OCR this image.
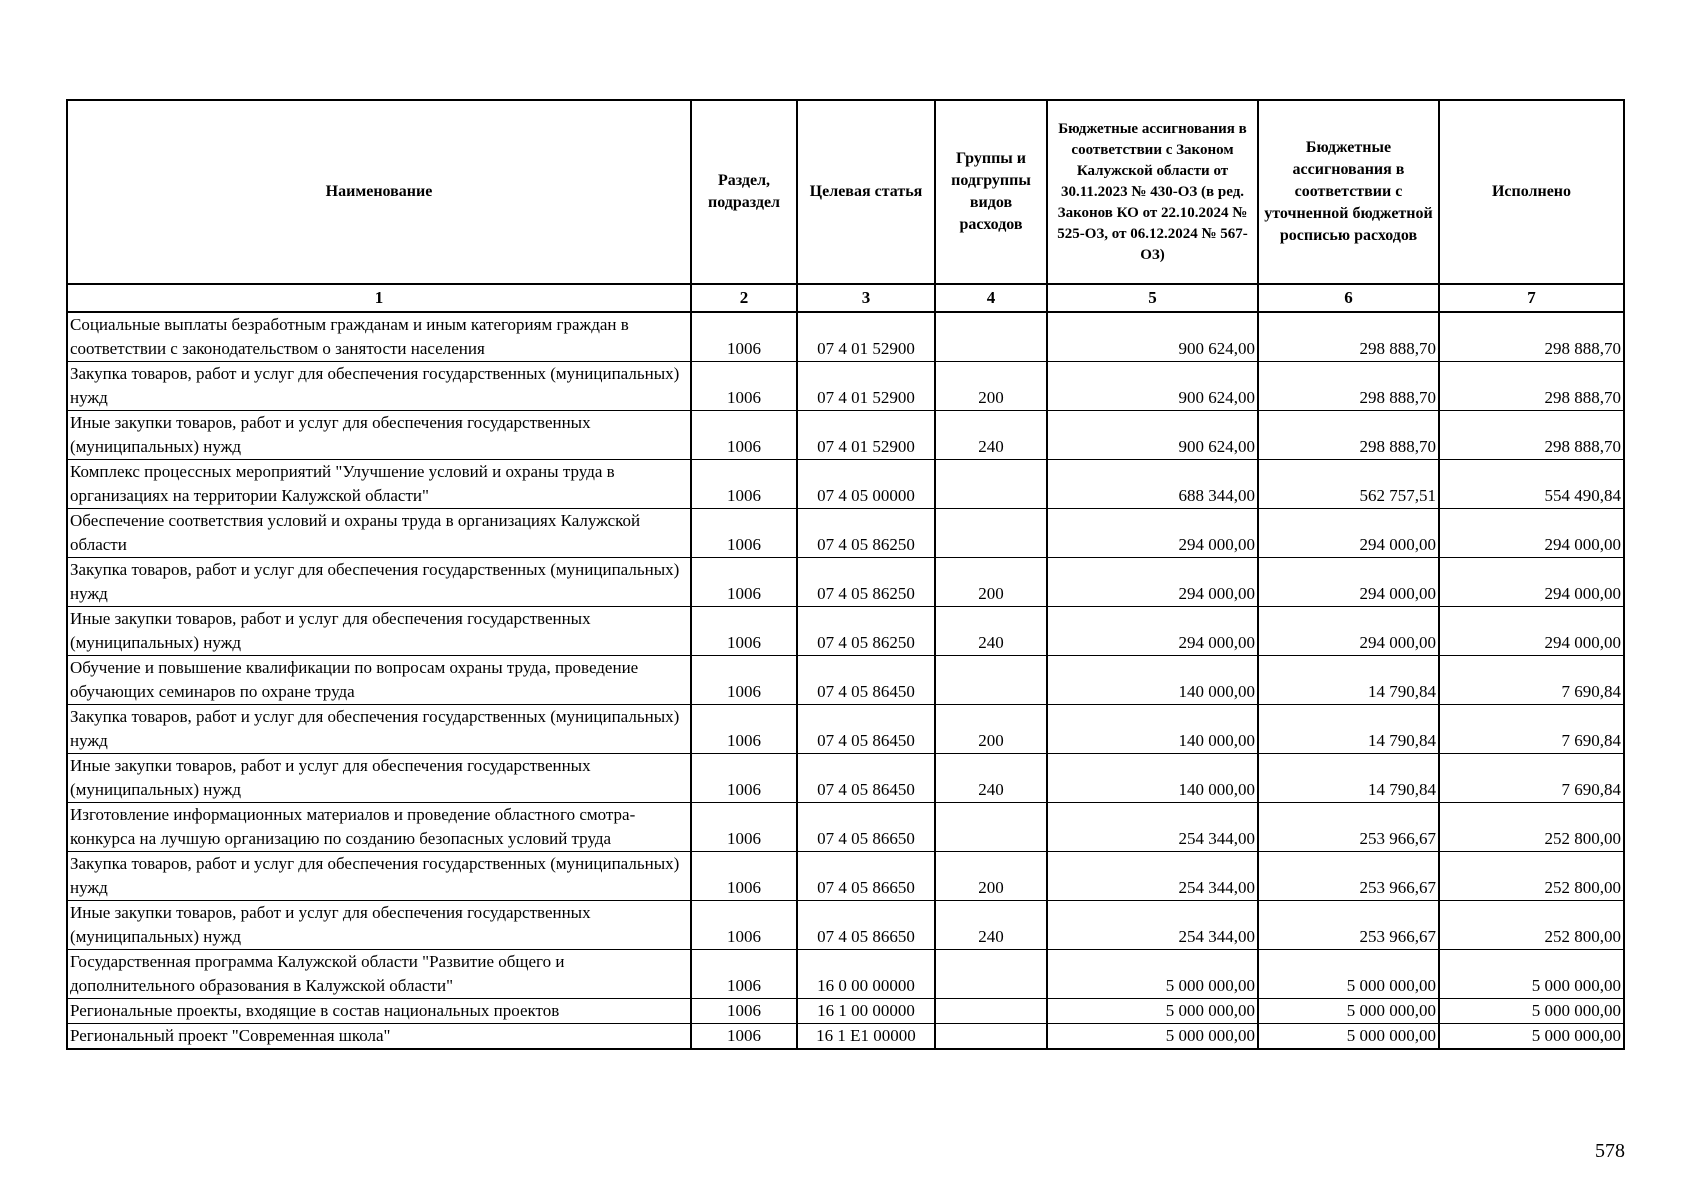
Наименование	Раздел, подраздел	Целевая статья	Группы и подгруппы видов расходов	Бюджетные ассигнования в соответствии с Законом Калужской области от 30.11.2023 № 430-ОЗ (в ред. Законов КО от 22.10.2024 № 525-ОЗ, от 06.12.2024 № 567-ОЗ)	Бюджетные ассигнования в соответствии с уточненной бюджетной росписью расходов	Исполнено
1	2	3	4	5	6	7
Социальные выплаты безработным гражданам и иным категориям граждан в соответствии с законодательством о занятости населения	1006	07 4 01 52900		900 624,00	298 888,70	298 888,70
Закупка товаров, работ и услуг для обеспечения государственных (муниципальных) нужд	1006	07 4 01 52900	200	900 624,00	298 888,70	298 888,70
Иные закупки товаров, работ и услуг для обеспечения государственных (муниципальных) нужд	1006	07 4 01 52900	240	900 624,00	298 888,70	298 888,70
Комплекс процессных мероприятий "Улучшение условий и охраны труда в организациях на территории Калужской области"	1006	07 4 05 00000		688 344,00	562 757,51	554 490,84
Обеспечение соответствия условий и охраны труда в организациях Калужской области	1006	07 4 05 86250		294 000,00	294 000,00	294 000,00
Закупка товаров, работ и услуг для обеспечения государственных (муниципальных) нужд	1006	07 4 05 86250	200	294 000,00	294 000,00	294 000,00
Иные закупки товаров, работ и услуг для обеспечения государственных (муниципальных) нужд	1006	07 4 05 86250	240	294 000,00	294 000,00	294 000,00
Обучение и повышение квалификации по вопросам охраны труда, проведение обучающих семинаров по охране труда	1006	07 4 05 86450		140 000,00	14 790,84	7 690,84
Закупка товаров, работ и услуг для обеспечения государственных (муниципальных) нужд	1006	07 4 05 86450	200	140 000,00	14 790,84	7 690,84
Иные закупки товаров, работ и услуг для обеспечения государственных (муниципальных) нужд	1006	07 4 05 86450	240	140 000,00	14 790,84	7 690,84
Изготовление информационных материалов и проведение областного смотра-конкурса на лучшую организацию по созданию безопасных условий труда	1006	07 4 05 86650		254 344,00	253 966,67	252 800,00
Закупка товаров, работ и услуг для обеспечения государственных (муниципальных) нужд	1006	07 4 05 86650	200	254 344,00	253 966,67	252 800,00
Иные закупки товаров, работ и услуг для обеспечения государственных (муниципальных) нужд	1006	07 4 05 86650	240	254 344,00	253 966,67	252 800,00
Государственная программа Калужской области "Развитие общего и дополнительного образования в Калужской области"	1006	16 0 00 00000		5 000 000,00	5 000 000,00	5 000 000,00
Региональные проекты, входящие в состав национальных проектов	1006	16 1 00 00000		5 000 000,00	5 000 000,00	5 000 000,00
Региональный проект "Современная школа"	1006	16 1 Е1 00000		5 000 000,00	5 000 000,00	5 000 000,00
578
